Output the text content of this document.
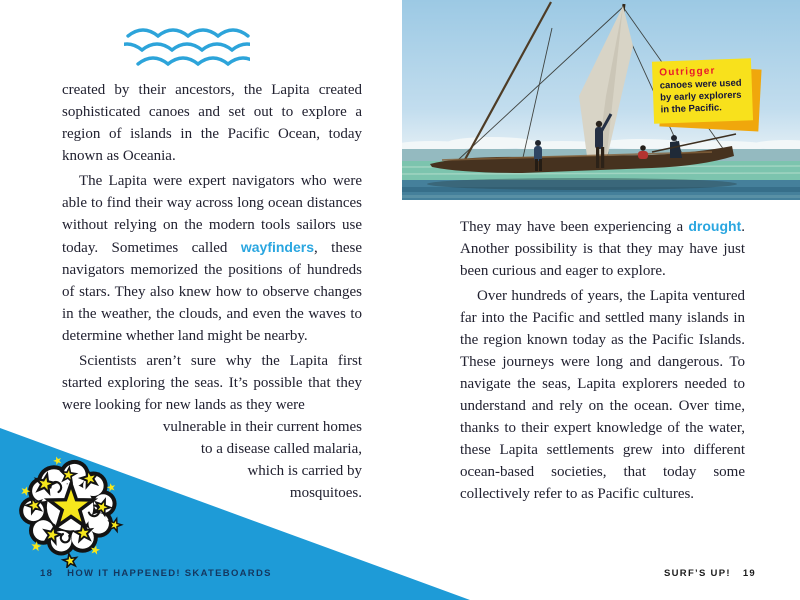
created by their ancestors, the Lapita created sophisticated canoes and set out to explore a region of islands in the Pacific Ocean, today known as Oceania.

The Lapita were expert navigators who were able to find their way across long ocean distances without relying on the modern tools sailors use today. Sometimes called wayfinders, these navigators memorized the positions of hundreds of stars. They also knew how to observe changes in the weather, the clouds, and even the waves to determine whether land might be nearby.

Scientists aren’t sure why the Lapita first started exploring the seas. It’s possible that they were looking for new lands as they were

vulnerable in their current homes
to a disease called malaria,
which is carried by
mosquitoes.
18 HOW IT HAPPENED! SKATEBOARDS
Outrigger
canoes were used by early explorers in the Pacific.

They may have been experiencing a drought. Another possibility is that they may have just been curious and eager to explore.

Over hundreds of years, the Lapita ventured far into the Pacific and settled many islands in the region known today as the Pacific Islands. These journeys were long and dangerous. To navigate the seas, Lapita explorers needed to understand and rely on the ocean. Over time, thanks to their expert knowledge of the water, these Lapita settlements grew into different ocean-based societies, that today some collectively refer to as Pacific cultures.

SURF’S UP! 19
